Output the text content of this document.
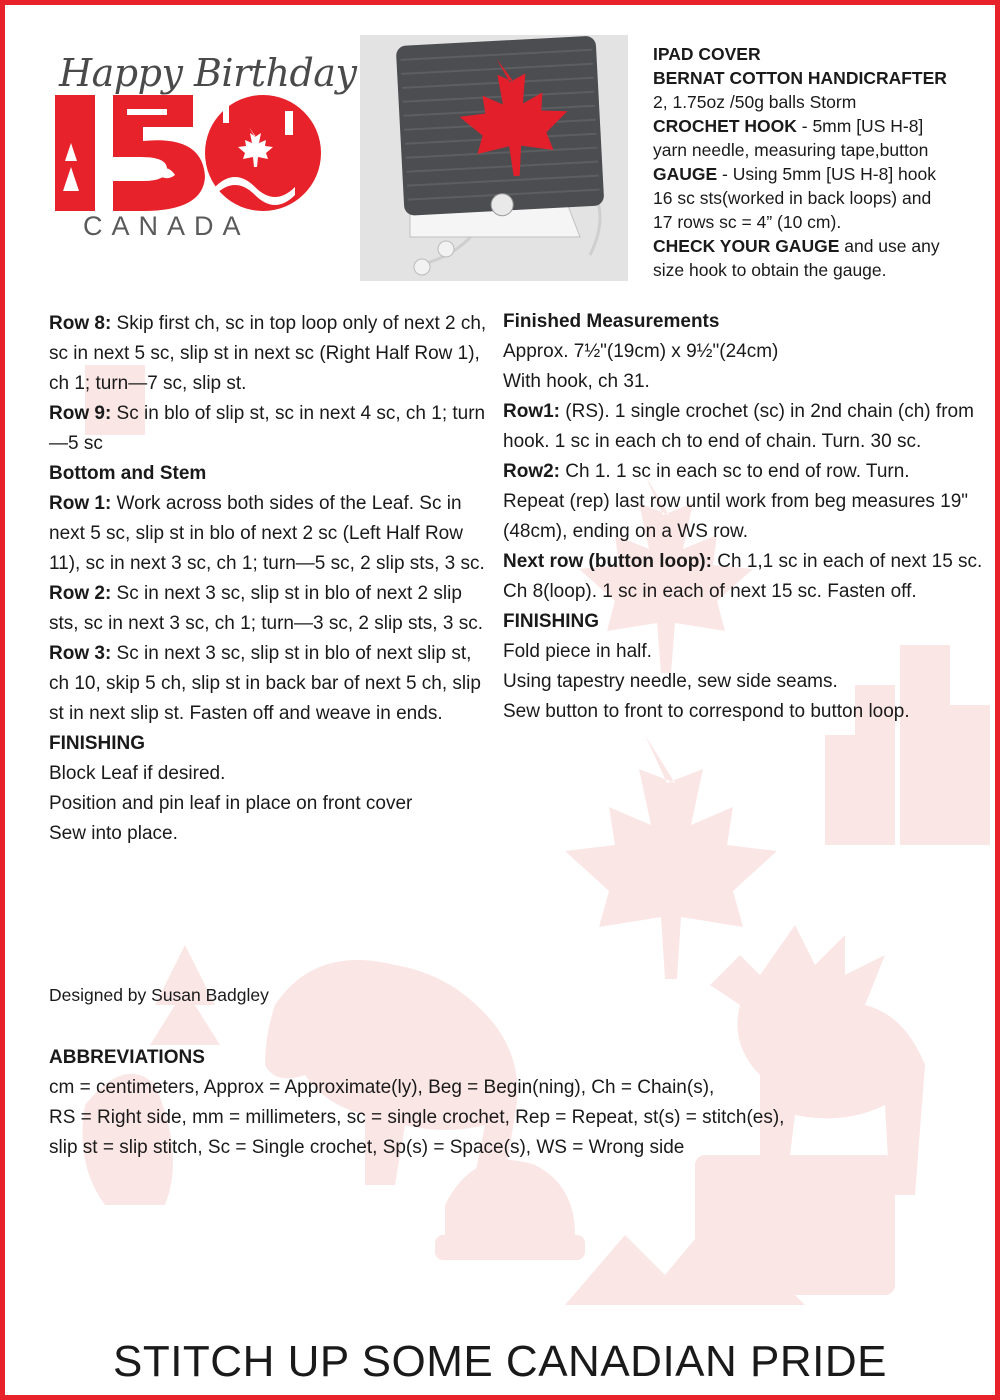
Happy Birthday
CANADA
IPAD COVER
BERNAT COTTON HANDICRAFTER
2, 1.75oz /50g balls Storm
CROCHET HOOK - 5mm [US H-8]
yarn needle, measuring tape,button
GAUGE - Using 5mm [US H-8] hook
16 sc sts(worked in back loops) and
17 rows sc = 4” (10 cm).
CHECK YOUR GAUGE and use any
size hook to obtain the gauge.

Row 8: Skip first ch, sc in top loop only of next 2 ch, sc in next 5 sc, slip st in next sc (Right Half Row 1), ch 1; turn—7 sc, slip st.

Row 9: Sc in blo of slip st, sc in next 4 sc, ch 1; turn—5 sc

Bottom and Stem

Row 1: Work across both sides of the Leaf. Sc in next 5 sc, slip st in blo of next 2 sc (Left Half Row 11), sc in next 3 sc, ch 1; turn—5 sc, 2 slip sts, 3 sc.

Row 2: Sc in next 3 sc, slip st in blo of next 2 slip sts, sc in next 3 sc, ch 1; turn—3 sc, 2 slip sts, 3 sc.

Row 3: Sc in next 3 sc, slip st in blo of next slip st, ch 10, skip 5 ch, slip st in back bar of next 5 ch, slip st in next slip st. Fasten off and weave in ends.

FINISHING

Block Leaf if desired.

Position and pin leaf in place on front cover

Sew into place.

Finished Measurements

Approx. 7½"(19cm) x 9½"(24cm)

With hook, ch 31.

Row1: (RS). 1 single crochet (sc) in 2nd chain (ch) from hook. 1 sc in each ch to end of chain. Turn. 30 sc.

Row2: Ch 1. 1 sc in each sc to end of row. Turn.

Repeat (rep) last row until work from beg measures 19"(48cm), ending on a WS row.

Next row (button loop): Ch 1,1 sc in each of next 15 sc. Ch 8(loop). 1 sc in each of next 15 sc. Fasten off.

FINISHING

Fold piece in half.

Using tapestry needle, sew side seams.

Sew button to front to correspond to button loop.

Designed by Susan Badgley

ABBREVIATIONS

cm = centimeters, Approx = Approximate(ly), Beg = Begin(ning), Ch = Chain(s),

RS = Right side, mm = millimeters, sc = single crochet, Rep = Repeat, st(s) = stitch(es),

slip st = slip stitch, Sc = Single crochet, Sp(s) = Space(s), WS = Wrong side

STITCH UP SOME CANADIAN PRIDE
